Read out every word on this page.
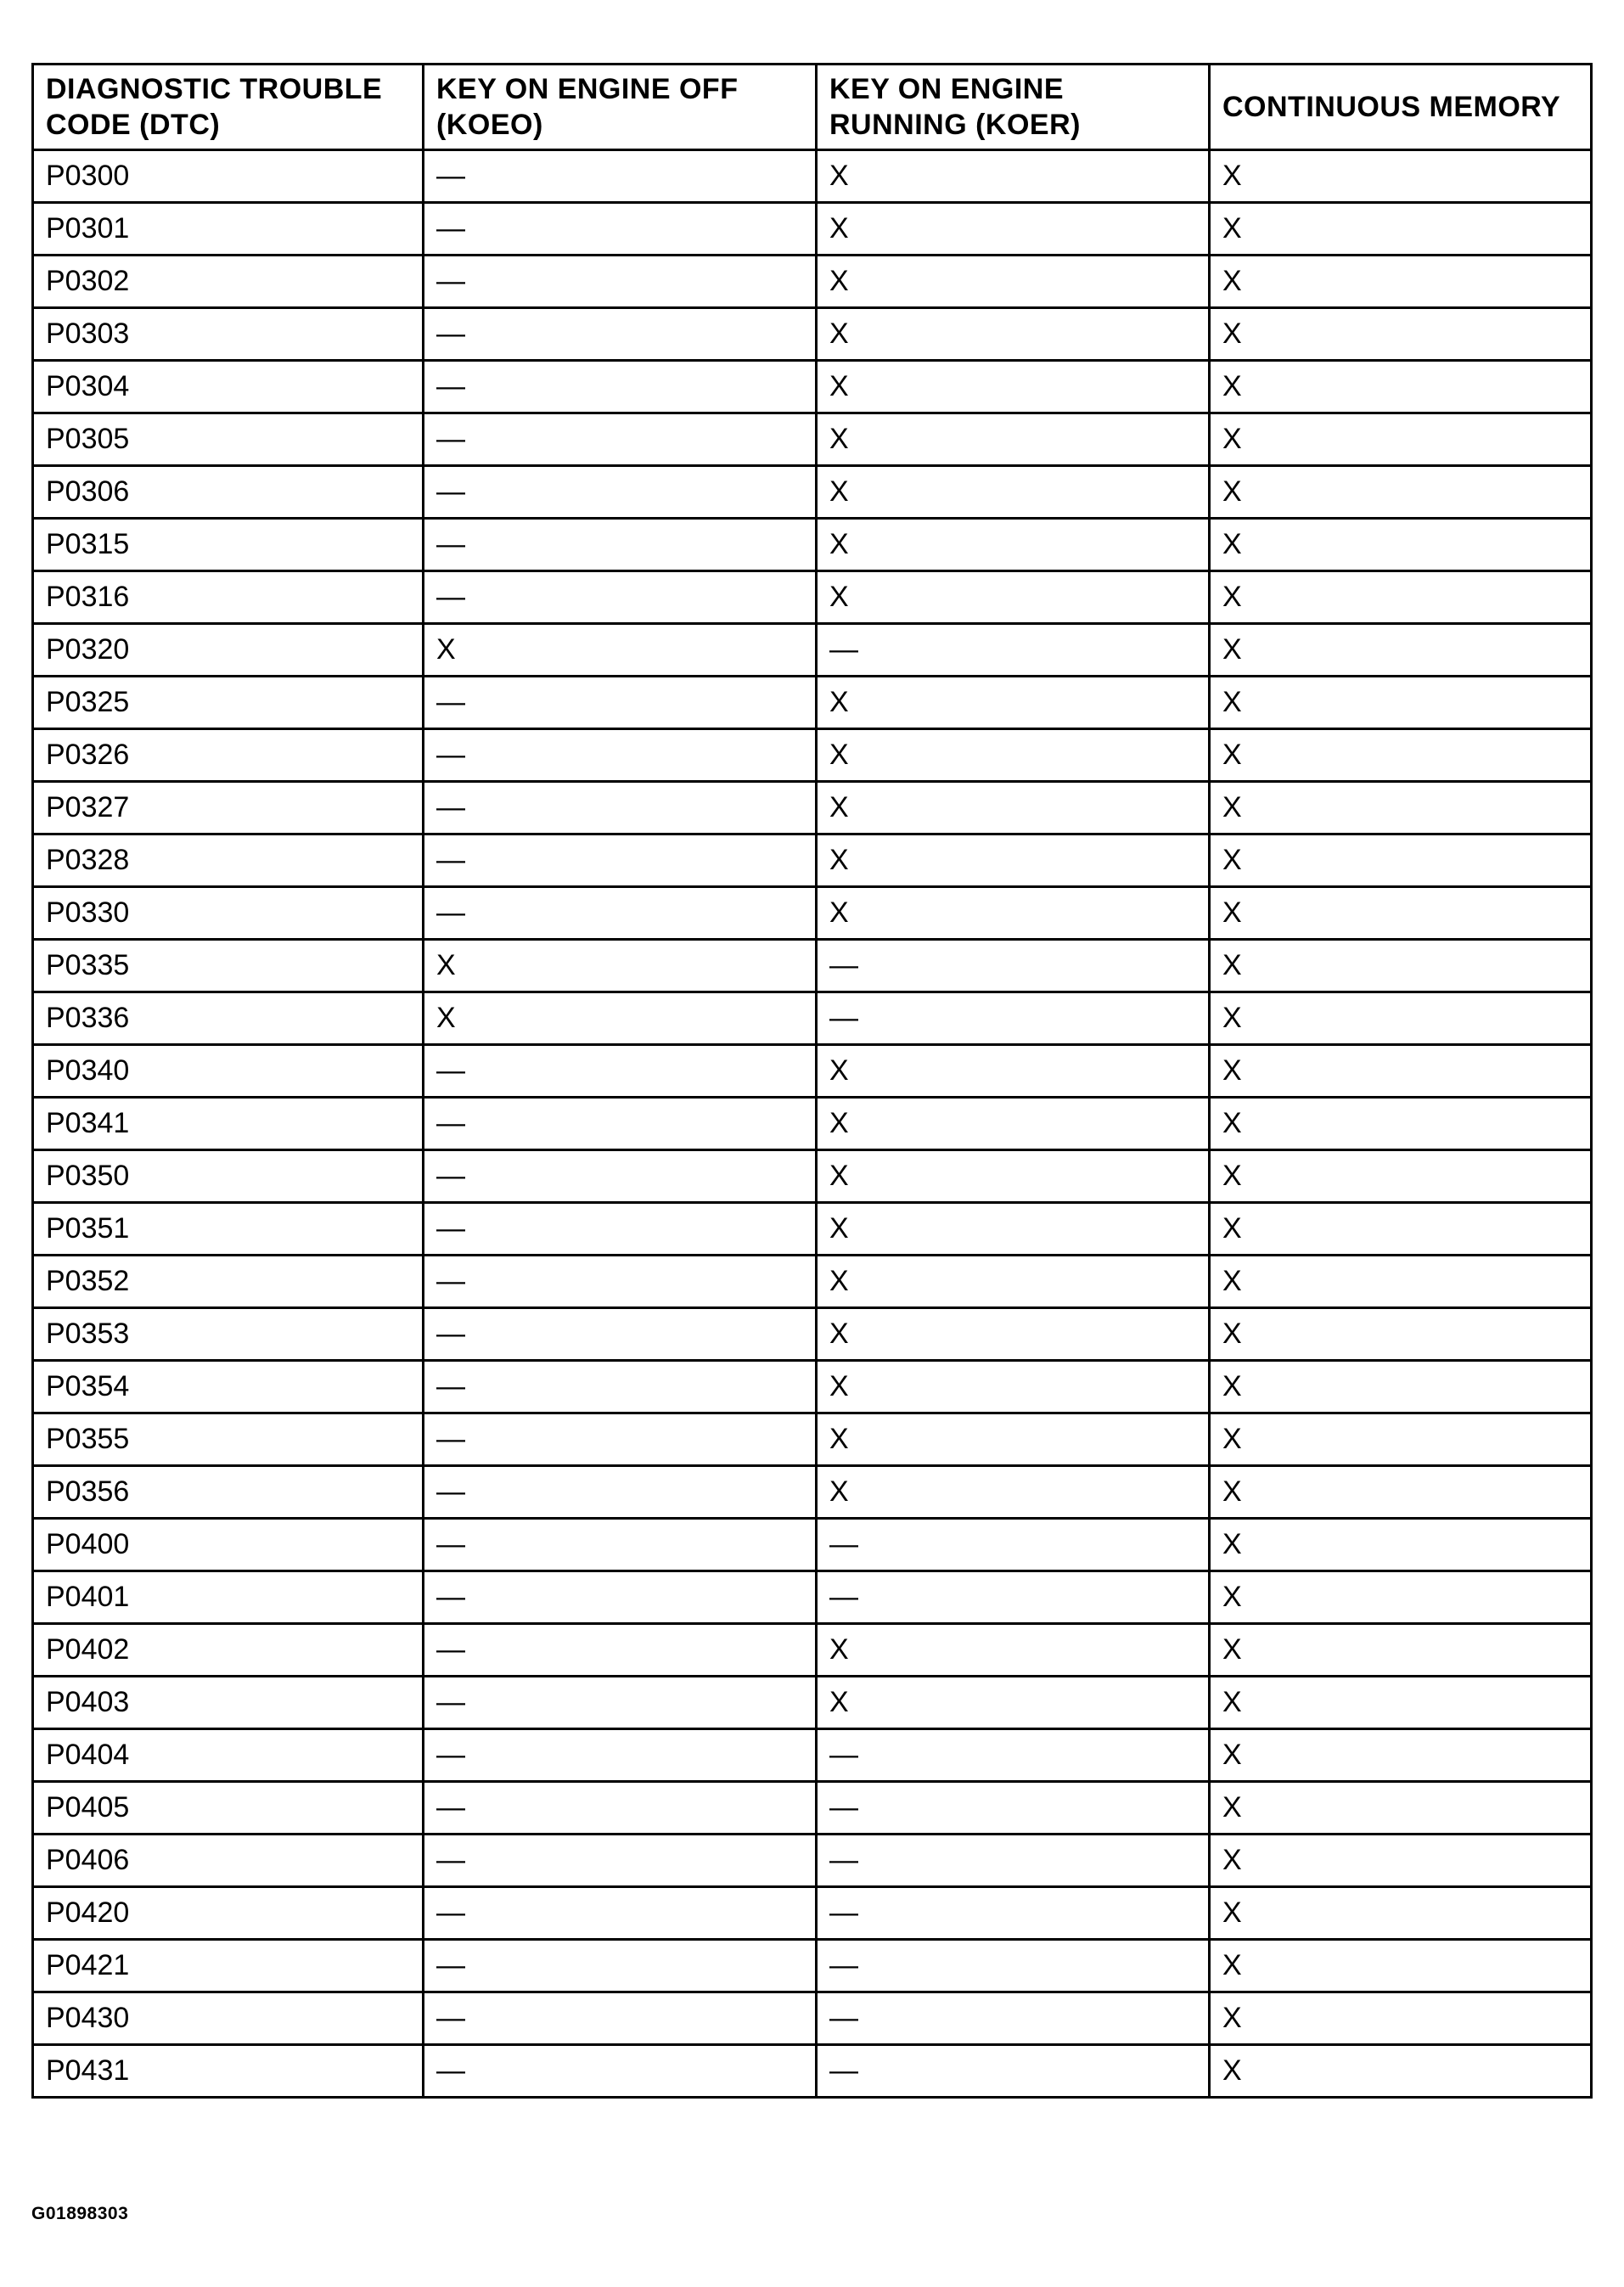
DIAGNOSTIC TROUBLE CODE (DTC)	KEY ON ENGINE OFF (KOEO)	KEY ON ENGINE RUNNING (KOER)	CONTINUOUS MEMORY
P0300	—	X	X
P0301	—	X	X
P0302	—	X	X
P0303	—	X	X
P0304	—	X	X
P0305	—	X	X
P0306	—	X	X
P0315	—	X	X
P0316	—	X	X
P0320	X	—	X
P0325	—	X	X
P0326	—	X	X
P0327	—	X	X
P0328	—	X	X
P0330	—	X	X
P0335	X	—	X
P0336	X	—	X
P0340	—	X	X
P0341	—	X	X
P0350	—	X	X
P0351	—	X	X
P0352	—	X	X
P0353	—	X	X
P0354	—	X	X
P0355	—	X	X
P0356	—	X	X
P0400	—	—	X
P0401	—	—	X
P0402	—	X	X
P0403	—	X	X
P0404	—	—	X
P0405	—	—	X
P0406	—	—	X
P0420	—	—	X
P0421	—	—	X
P0430	—	—	X
P0431	—	—	X
G01898303
